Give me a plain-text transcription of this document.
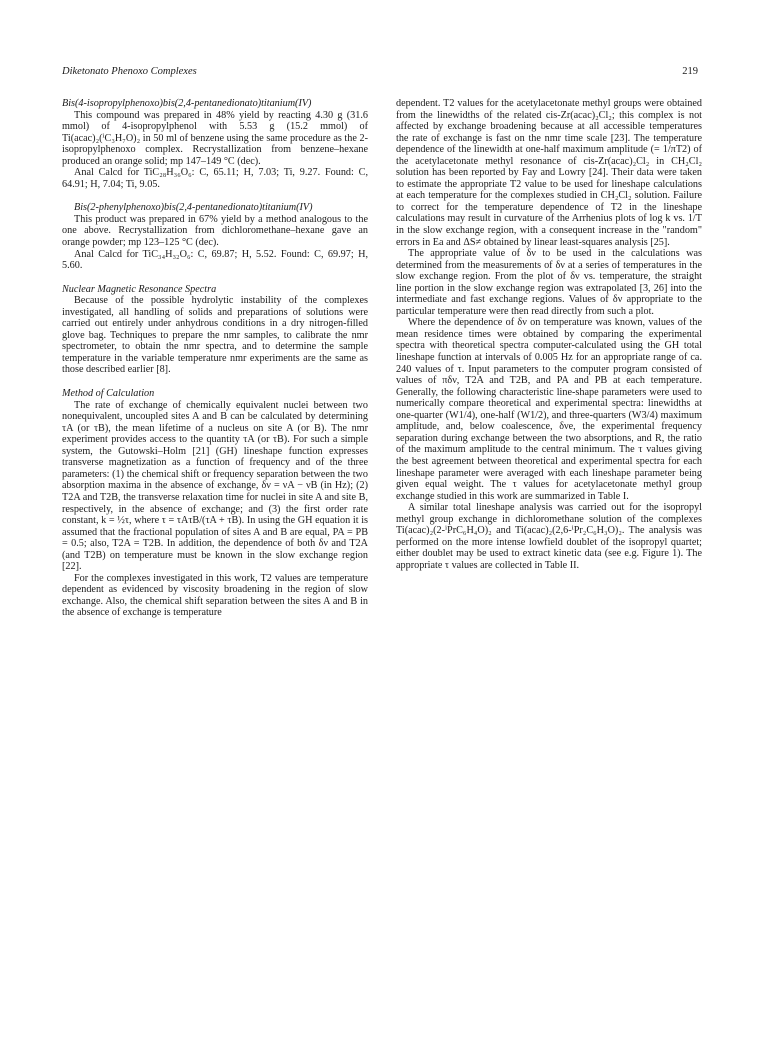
Diketonato Phenoxo Complexes	219

Bis(4-isopropylphenoxo)bis(2,4-pentanedionato)titanium(IV)

This compound was prepared in 48% yield by reacting 4.30 g (31.6 mmol) of 4-isopropylphenol with 5.53 g (15.2 mmol) of Ti(acac)₂(ⁱC₃H₇O)₂ in 50 ml of benzene using the same procedure as the 2-isopropylphenoxo complex. Recrystallization from benzene–hexane produced an orange solid; mp 147–149 °C (dec).

Anal Calcd for TiC₂₈H₃₆O₆: C, 65.11; H, 7.03; Ti, 9.27. Found: C, 64.91; H, 7.04; Ti, 9.05.

Bis(2-phenylphenoxo)bis(2,4-pentanedionato)titanium(IV)

This product was prepared in 67% yield by a method analogous to the one above. Recrystallization from dichloromethane–hexane gave an orange powder; mp 123–125 °C (dec).

Anal Calcd for TiC₃₄H₃₂O₆: C, 69.87; H, 5.52. Found: C, 69.97; H, 5.60.

Nuclear Magnetic Resonance Spectra

Because of the possible hydrolytic instability of the complexes investigated, all handling of solids and preparations of solutions were carried out entirely under anhydrous conditions in a dry nitrogen-filled glove bag. Techniques to prepare the nmr samples, to calibrate the nmr spectrometer, to obtain the nmr spectra, and to determine the sample temperature in the variable temperature nmr experiments are the same as those described earlier [8].

Method of Calculation

The rate of exchange of chemically equivalent nuclei between two nonequivalent, uncoupled sites A and B can be calculated by determining τA (or τB), the mean lifetime of a nucleus on site A (or B). The nmr experiment provides access to the quantity τA (or τB). For such a simple system, the Gutowski–Holm [21] (GH) lineshape function expresses transverse magnetization as a function of frequency and of the three parameters: (1) the chemical shift or frequency separation between the two absorption maxima in the absence of exchange, δν = νA − νB (in Hz); (2) T2A and T2B, the transverse relaxation time for nuclei in site A and site B, respectively, in the absence of exchange; and (3) the first order rate constant, k = ½τ, where τ = τAτB/(τA + τB). In using the GH equation it is assumed that the fractional population of sites A and B are equal, PA = PB = 0.5; also, T2A = T2B. In addition, the dependence of both δν and T2A (and T2B) on temperature must be known in the slow exchange region [22].

For the complexes investigated in this work, T2 values are temperature dependent as evidenced by viscosity broadening in the region of slow exchange. Also, the chemical shift separation between the sites A and B in the absence of exchange is temperature

dependent. T2 values for the acetylacetonate methyl groups were obtained from the linewidths of the related cis-Zr(acac)₂Cl₂; this complex is not affected by exchange broadening because at all accessible temperatures the rate of exchange is fast on the nmr time scale [23]. The temperature dependence of the linewidth at one-half maximum amplitude (= 1/πT2) of the acetylacetonate methyl resonance of cis-Zr(acac)₂Cl₂ in CH₂Cl₂ solution has been reported by Fay and Lowry [24]. Their data were taken to estimate the appropriate T2 value to be used for lineshape calculations at each temperature for the complexes studied in CH₂Cl₂ solution. Failure to correct for the temperature dependence of T2 in the lineshape calculations may result in curvature of the Arrhenius plots of log k vs. 1/T in the slow exchange region, with a consequent increase in the "random" errors in Ea and ΔS≠ obtained by linear least-squares analysis [25].

The appropriate value of δν to be used in the calculations was determined from the measurements of δν at a series of temperatures in the slow exchange region. From the plot of δν vs. temperature, the straight line portion in the slow exchange region was extrapolated [3, 26] into the intermediate and fast exchange regions. Values of δν appropriate to the particular temperature were then read directly from such a plot.

Where the dependence of δν on temperature was known, values of the mean residence times were obtained by comparing the experimental spectra with theoretical spectra computer-calculated using the GH total lineshape function at intervals of 0.005 Hz for an appropriate range of ca. 240 values of τ. Input parameters to the computer program consisted of values of πδν, T2A and T2B, and PA and PB at each temperature. Generally, the following characteristic line-shape parameters were used to numerically compare theoretical and experimental spectra: linewidths at one-quarter (W1/4), one-half (W1/2), and three-quarters (W3/4) maximum amplitude, and, below coalescence, δνe, the experimental frequency separation during exchange between the two absorptions, and R, the ratio of the maximum amplitude to the central minimum. The τ values giving the best agreement between theoretical and experimental spectra for each lineshape parameter were averaged with each lineshape parameter being given equal weight. The τ values for acetylacetonate methyl group exchange studied in this work are summarized in Table I.

A similar total lineshape analysis was carried out for the isopropyl methyl group exchange in dichloromethane solution of the complexes Ti(acac)₂(2-ⁱPrC₆H₄O)₂ and Ti(acac)₂(2,6-ⁱPr₂C₆H₃O)₂. The analysis was performed on the more intense lowfield doublet of the isopropyl quartet; either doublet may be used to extract kinetic data (see e.g. Figure 1). The appropriate τ values are collected in Table II.
